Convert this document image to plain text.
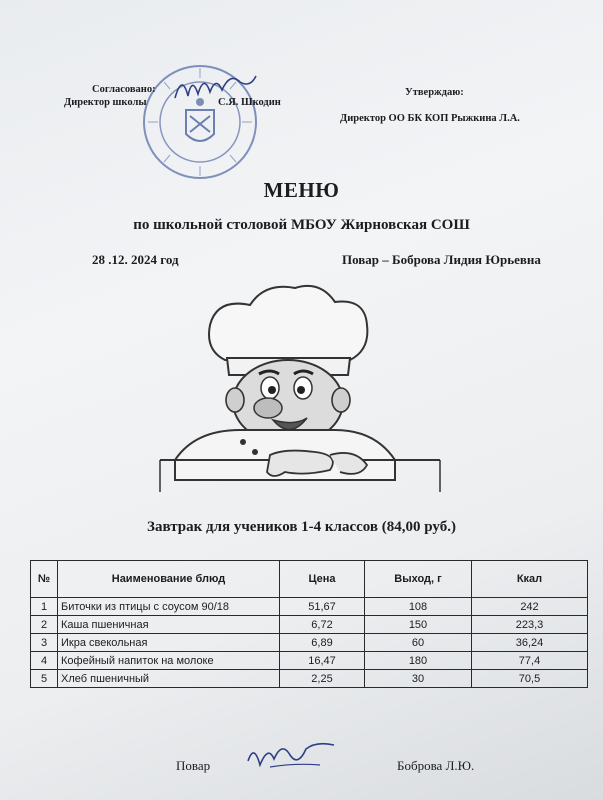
Согласовано:
Директор школы	С.Я. Шкодин
Утверждаю:
Директор ОО БК КОП Рыжкина Л.А.
МЕНЮ
по школьной столовой МБОУ Жирновская СОШ
28 .12. 2024 год	Повар – Боброва Лидия Юрьевна
Завтрак для учеников 1-4 классов (84,00 руб.)
№	Наименование блюд	Цена	Выход, г	Ккал
1	Биточки из птицы с соусом 90/18	51,67	108	242
2	Каша пшеничная	6,72	150	223,3
3	Икра свекольная	6,89	60	36,24
4	Кофейный напиток на молоке	16,47	180	77,4
5	Хлеб пшеничный	2,25	30	70,5
Повар	Боброва Л.Ю.
